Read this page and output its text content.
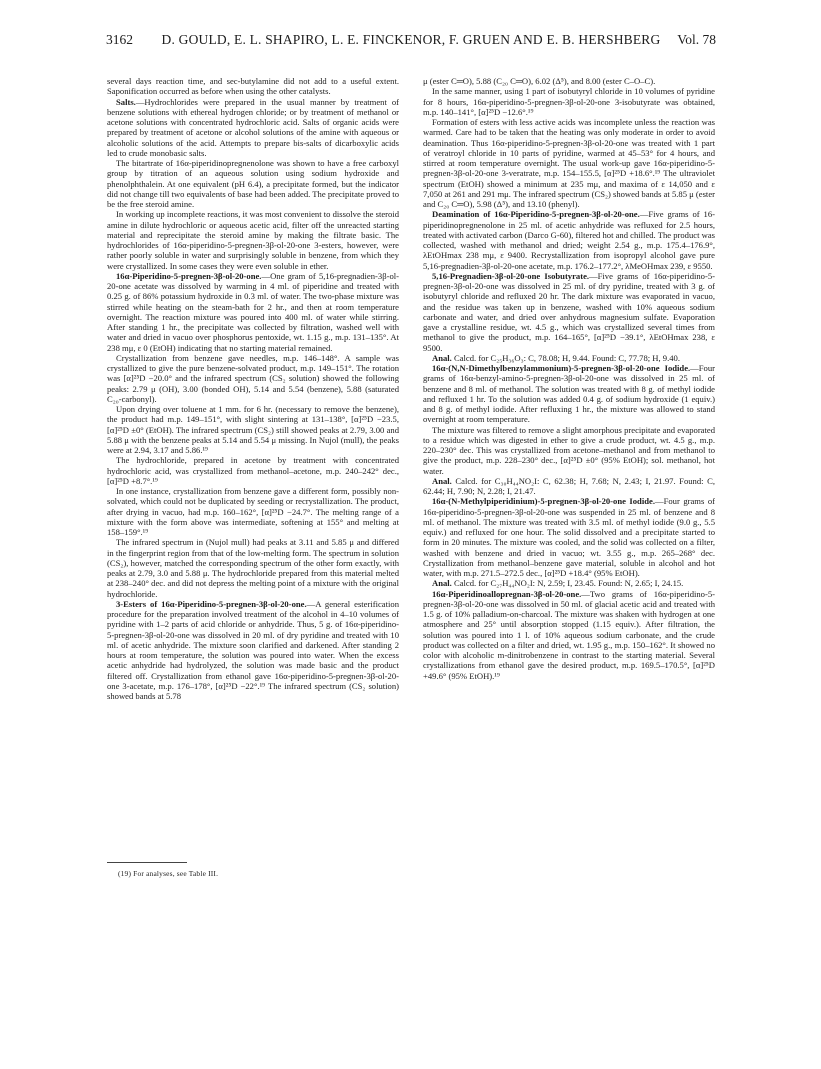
3162	D. GOULD, E. L. SHAPIRO, L. E. FINCKENOR, F. GRUEN AND E. B. HERSHBERG	Vol. 78

several days reaction time, and sec-butylamine did not add to a useful extent. Saponification occurred as before when using the other catalysts.

Salts.—Hydrochlorides were prepared in the usual manner by treatment of benzene solutions with ethereal hydrogen chloride; or by treatment of methanol or acetone solutions with concentrated hydrochloric acid. Salts of organic acids were prepared by treatment of acetone or alcohol solutions of the amine with aqueous or alcoholic solutions of the acid. Attempts to prepare bis-salts of dicarboxylic acids led to crude monobasic salts.

The bitartrate of 16α-piperidinopregnenolone was shown to have a free carboxyl group by titration of an aqueous solution using sodium hydroxide and phenolphthalein. At one equivalent (pH 6.4), a precipitate formed, but the indicator did not change till two equivalents of base had been added. The precipitate proved to be the free steroid amine.

In working up incomplete reactions, it was most convenient to dissolve the steroid amine in dilute hydrochloric or aqueous acetic acid, filter off the unreacted starting material and reprecipitate the steroid amine by making the filtrate basic. The hydrochlorides of 16α-piperidino-5-pregnen-3β-ol-20-one 3-esters, however, were rather poorly soluble in water and surprisingly soluble in benzene, from which they were crystallized. In some cases they were even soluble in ether.

16α-Piperidino-5-pregnen-3β-ol-20-one.—One gram of 5,16-pregnadien-3β-ol-20-one acetate was dissolved by warming in 4 ml. of piperidine and treated with 0.25 g. of 86% potassium hydroxide in 0.3 ml. of water. The two-phase mixture was stirred while heating on the steam-bath for 2 hr., and then at room temperature overnight. The reaction mixture was poured into 400 ml. of water while stirring. After standing 1 hr., the precipitate was collected by filtration, washed well with water and dried in vacuo over phosphorus pentoxide, wt. 1.15 g., m.p. 131–135°. At 238 mμ, ε 0 (EtOH) indicating that no starting material remained.

Crystallization from benzene gave needles, m.p. 146–148°. A sample was crystallized to give the pure benzene-solvated product, m.p. 149–151°. The rotation was [α]²⁵D −20.0° and the infrared spectrum (CS₂ solution) showed the following peaks: 2.79 μ (OH), 3.00 (bonded OH), 5.14 and 5.54 (benzene), 5.88 (saturated C₂₀-carbonyl).

Upon drying over toluene at 1 mm. for 6 hr. (necessary to remove the benzene), the product had m.p. 149–151°, with slight sintering at 131–138°, [α]²⁵D −23.5, [α]²⁵D ±0° (EtOH). The infrared spectrum (CS₂) still showed peaks at 2.79, 3.00 and 5.88 μ with the benzene peaks at 5.14 and 5.54 μ missing. In Nujol (mull), the peaks were at 2.94, 3.17 and 5.86.¹⁹

The hydrochloride, prepared in acetone by treatment with concentrated hydrochloric acid, was crystallized from methanol–acetone, m.p. 240–242° dec., [α]²⁵D +8.7°.¹⁹

In one instance, crystallization from benzene gave a different form, possibly non-solvated, which could not be duplicated by seeding or recrystallization. The product, after drying in vacuo, had m.p. 160–162°, [α]²⁵D −24.7°. The melting range of a mixture with the form above was intermediate, softening at 155° and melting at 158–159°.¹⁹

The infrared spectrum in (Nujol mull) had peaks at 3.11 and 5.85 μ and differed in the fingerprint region from that of the low-melting form. The spectrum in solution (CS₂), however, matched the corresponding spectrum of the other form exactly, with peaks at 2.79, 3.0 and 5.88 μ. The hydrochloride prepared from this material melted at 238–240° dec. and did not depress the melting point of a mixture with the original hydrochloride.

3-Esters of 16α-Piperidino-5-pregnen-3β-ol-20-one.—A general esterification procedure for the preparation involved treatment of the alcohol in 4–10 volumes of pyridine with 1–2 parts of acid chloride or anhydride. Thus, 5 g. of 16α-piperidino-5-pregnen-3β-ol-20-one was dissolved in 20 ml. of dry pyridine and treated with 10 ml. of acetic anhydride. The mixture soon clarified and darkened. After standing 2 hours at room temperature, the solution was poured into water. When the excess acetic anhydride had hydrolyzed, the solution was made basic and the product filtered off. Crystallization from ethanol gave 16α-piperidino-5-pregnen-3β-ol-20-one 3-acetate, m.p. 176–178°, [α]²⁵D −22°.¹⁹ The infrared spectrum (CS₂ solution) showed bands at 5.78

μ (ester C═O), 5.88 (C₂₀ C═O), 6.02 (Δ⁵), and 8.00 (ester C–O–C).

In the same manner, using 1 part of isobutyryl chloride in 10 volumes of pyridine for 8 hours, 16α-piperidino-5-pregnen-3β-ol-20-one 3-isobutyrate was obtained, m.p. 140–141°, [α]²⁵D −12.6°.¹⁹

Formation of esters with less active acids was incomplete unless the reaction was warmed. Care had to be taken that the heating was only moderate in order to avoid deamination. Thus 16α-piperidino-5-pregnen-3β-ol-20-one was treated with 1 part of veratroyl chloride in 10 parts of pyridine, warmed at 45–53° for 4 hours, and stirred at room temperature overnight. The usual work-up gave 16α-piperidino-5-pregnen-3β-ol-20-one 3-veratrate, m.p. 154–155.5, [α]²⁵D +18.6°.¹⁹ The ultraviolet spectrum (EtOH) showed a minimum at 235 mμ, and maxima of ε 14,050 and ε 7,050 at 261 and 291 mμ. The infrared spectrum (CS₂) showed bands at 5.85 μ (ester and C₂₀ C═O), 5.98 (Δ⁵), and 13.10 (phenyl).

Deamination of 16α-Piperidino-5-pregnen-3β-ol-20-one.—Five grams of 16-piperidinopregnenolone in 25 ml. of acetic anhydride was refluxed for 2.5 hours, treated with activated carbon (Darco G-60), filtered hot and chilled. The product was collected, washed with methanol and dried; weight 2.54 g., m.p. 175.4–176.9°, λEtOHmax 238 mμ, ε 9400. Recrystallization from isopropyl alcohol gave pure 5,16-pregnadien-3β-ol-20-one acetate, m.p. 176.2–177.2°, λMeOHmax 239, ε 9550.

5,16-Pregnadien-3β-ol-20-one Isobutyrate.—Five grams of 16α-piperidino-5-pregnen-3β-ol-20-one was dissolved in 25 ml. of dry pyridine, treated with 3 g. of isobutyryl chloride and refluxed 20 hr. The dark mixture was evaporated in vacuo, and the residue was taken up in benzene, washed with 10% aqueous sodium carbonate and water, and dried over anhydrous magnesium sulfate. Evaporation gave a crystalline residue, wt. 4.5 g., which was crystallized several times from methanol to give the product, m.p. 164–165°, [α]²⁵D −39.1°, λEtOHmax 238, ε 9500.

Anal. Calcd. for C₂₅H₃₆O₃: C, 78.08; H, 9.44. Found: C, 77.78; H, 9.40.

16α-(N,N-Dimethylbenzylammonium)-5-pregnen-3β-ol-20-one Iodide.—Four grams of 16α-benzyl-amino-5-pregnen-3β-ol-20-one was dissolved in 25 ml. of benzene and 8 ml. of methanol. The solution was treated with 8 g. of methyl iodide and refluxed 1 hr. To the solution was added 0.4 g. of sodium hydroxide (1 equiv.) and 8 g. of methyl iodide. After refluxing 1 hr., the mixture was allowed to stand overnight at room temperature.

The mixture was filtered to remove a slight amorphous precipitate and evaporated to a residue which was digested in ether to give a crude product, wt. 4.5 g., m.p. 220–230° dec. This was crystallized from acetone–methanol and from methanol to give the product, m.p. 228–230° dec., [α]²⁵D ±0° (95% EtOH); sol. methanol, hot water.

Anal. Calcd. for C₃₀H₄₄NO₂I: C, 62.38; H, 7.68; N, 2.43; I, 21.97. Found: C, 62.44; H, 7.90; N, 2.28; I, 21.47.

16α-(N-Methylpiperidinium)-5-pregnen-3β-ol-20-one Iodide.—Four grams of 16α-piperidino-5-pregnen-3β-ol-20-one was suspended in 25 ml. of benzene and 8 ml. of methanol. The mixture was treated with 3.5 ml. of methyl iodide (9.0 g., 5.5 equiv.) and refluxed for one hour. The solid dissolved and a precipitate started to form in 20 minutes. The mixture was cooled, and the solid was collected on a filter, washed with benzene and dried in vacuo; wt. 3.55 g., m.p. 265–268° dec. Crystallization from methanol–benzene gave material, soluble in alcohol and hot water, with m.p. 271.5–272.5 dec., [α]²⁵D +18.4° (95% EtOH).

Anal. Calcd. for C₂₇H₄₄NO₂I: N, 2.59; I, 23.45. Found: N, 2.65; I, 24.15.

16α-Piperidinoallopregnan-3β-ol-20-one.—Two grams of 16α-piperidino-5-pregnen-3β-ol-20-one was dissolved in 50 ml. of glacial acetic acid and treated with 1.5 g. of 10% palladium-on-charcoal. The mixture was shaken with hydrogen at one atmosphere and 25° until absorption stopped (1.15 equiv.). After filtration, the solution was poured into 1 l. of 10% aqueous sodium carbonate, and the crude product was collected on a filter and dried, wt. 1.95 g., m.p. 150–162°. It showed no color with alcoholic m-dinitrobenzene in contrast to the starting material. Several crystallizations from ethanol gave the desired product, m.p. 169.5–170.5°, [α]²⁵D +49.6° (95% EtOH).¹⁹

(19) For analyses, see Table III.
